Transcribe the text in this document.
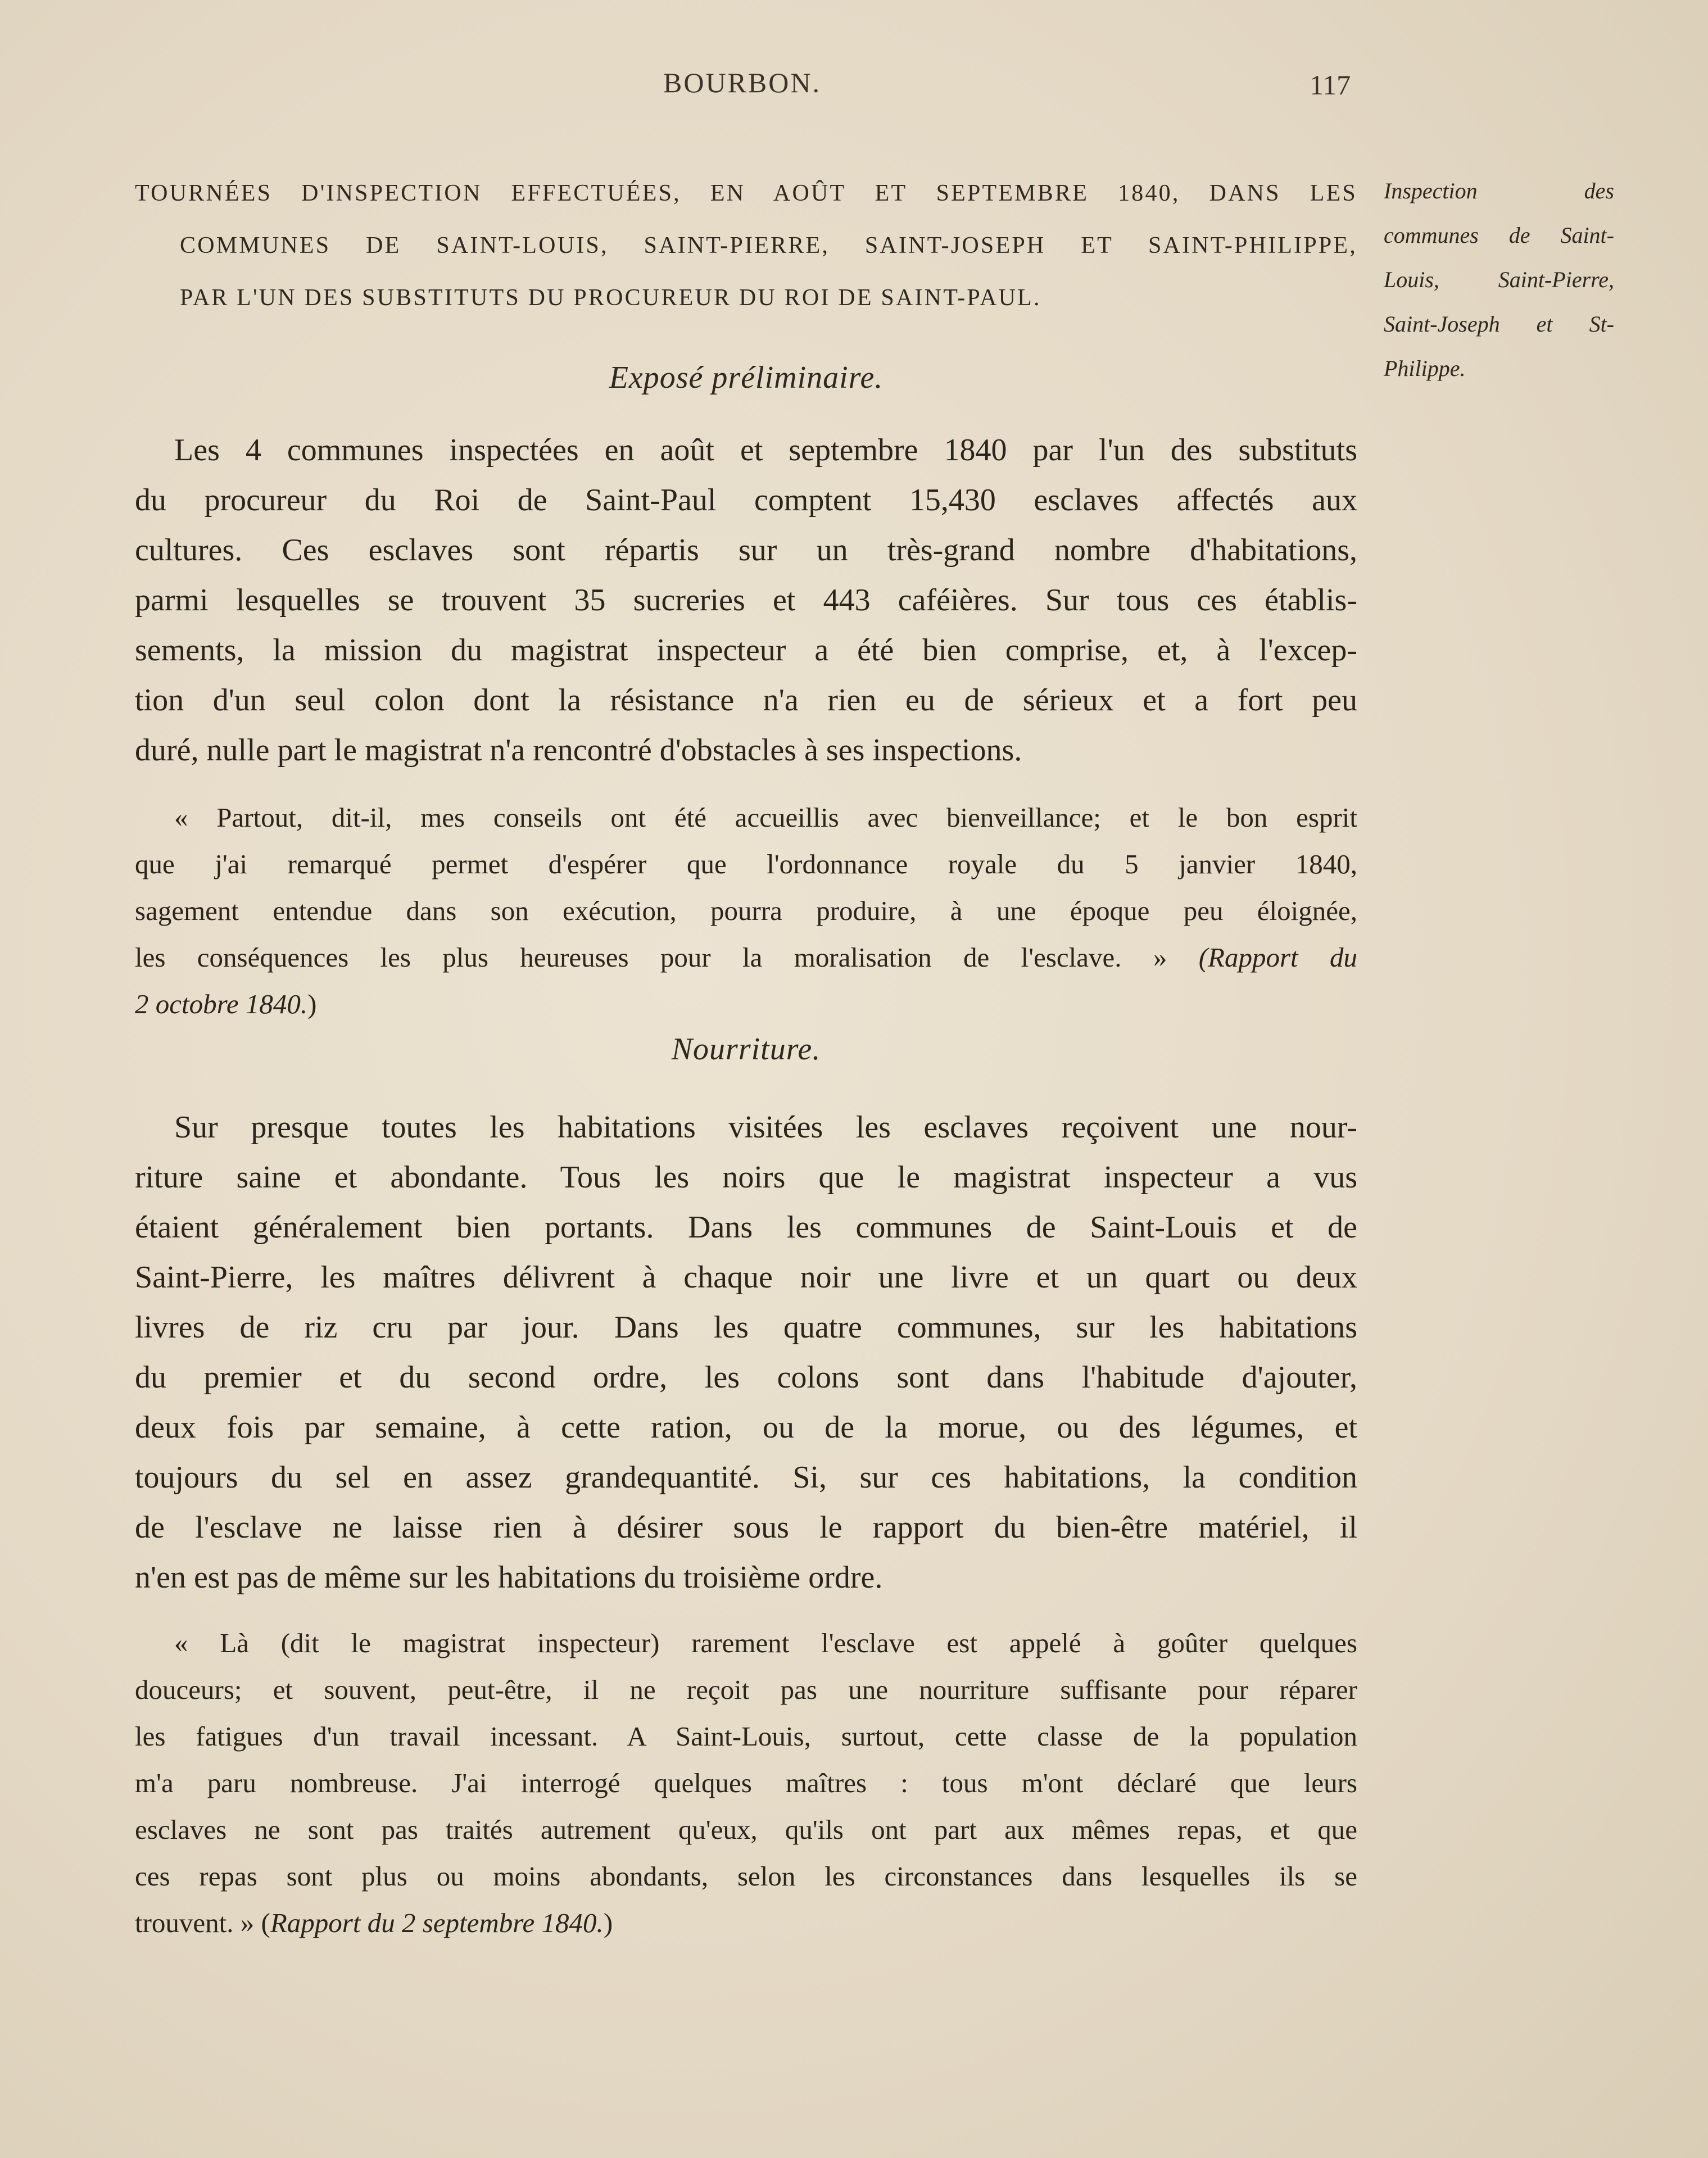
BOURBON.	117
TOURNÉES D'INSPECTION EFFECTUÉES, EN AOÛT ET SEPTEMBRE 1840, DANS LES
COMMUNES DE SAINT-LOUIS, SAINT-PIERRE, SAINT-JOSEPH ET SAINT-PHILIPPE,
PAR L'UN DES SUBSTITUTS DU PROCUREUR DU ROI DE SAINT-PAUL.
Inspection des
communes de Saint-
Louis, Saint-Pierre,
Saint-Joseph et St-
Philippe.
Exposé préliminaire.
Les 4 communes inspectées en août et septembre 1840 par l'un des substituts
du procureur du Roi de Saint-Paul comptent 15,430 esclaves affectés aux
cultures. Ces esclaves sont répartis sur un très-grand nombre d'habitations,
parmi lesquelles se trouvent 35 sucreries et 443 caféières. Sur tous ces établis-
sements, la mission du magistrat inspecteur a été bien comprise, et, à l'excep-
tion d'un seul colon dont la résistance n'a rien eu de sérieux et a fort peu
duré, nulle part le magistrat n'a rencontré d'obstacles à ses inspections.
« Partout, dit-il, mes conseils ont été accueillis avec bienveillance; et le bon esprit
que j'ai remarqué permet d'espérer que l'ordonnance royale du 5 janvier 1840,
sagement entendue dans son exécution, pourra produire, à une époque peu éloignée,
les conséquences les plus heureuses pour la moralisation de l'esclave. » (Rapport du
2 octobre 1840.)
Nourriture.
Sur presque toutes les habitations visitées les esclaves reçoivent une nour-
riture saine et abondante. Tous les noirs que le magistrat inspecteur a vus
étaient généralement bien portants. Dans les communes de Saint-Louis et de
Saint-Pierre, les maîtres délivrent à chaque noir une livre et un quart ou deux
livres de riz cru par jour. Dans les quatre communes, sur les habitations
du premier et du second ordre, les colons sont dans l'habitude d'ajouter,
deux fois par semaine, à cette ration, ou de la morue, ou des légumes, et
toujours du sel en assez grandequantité. Si, sur ces habitations, la condition
de l'esclave ne laisse rien à désirer sous le rapport du bien-être matériel, il
n'en est pas de même sur les habitations du troisième ordre.
« Là (dit le magistrat inspecteur) rarement l'esclave est appelé à goûter quelques
douceurs; et souvent, peut-être, il ne reçoit pas une nourriture suffisante pour réparer
les fatigues d'un travail incessant. A Saint-Louis, surtout, cette classe de la population
m'a paru nombreuse. J'ai interrogé quelques maîtres : tous m'ont déclaré que leurs
esclaves ne sont pas traités autrement qu'eux, qu'ils ont part aux mêmes repas, et que
ces repas sont plus ou moins abondants, selon les circonstances dans lesquelles ils se
trouvent. » (Rapport du 2 septembre 1840.)
